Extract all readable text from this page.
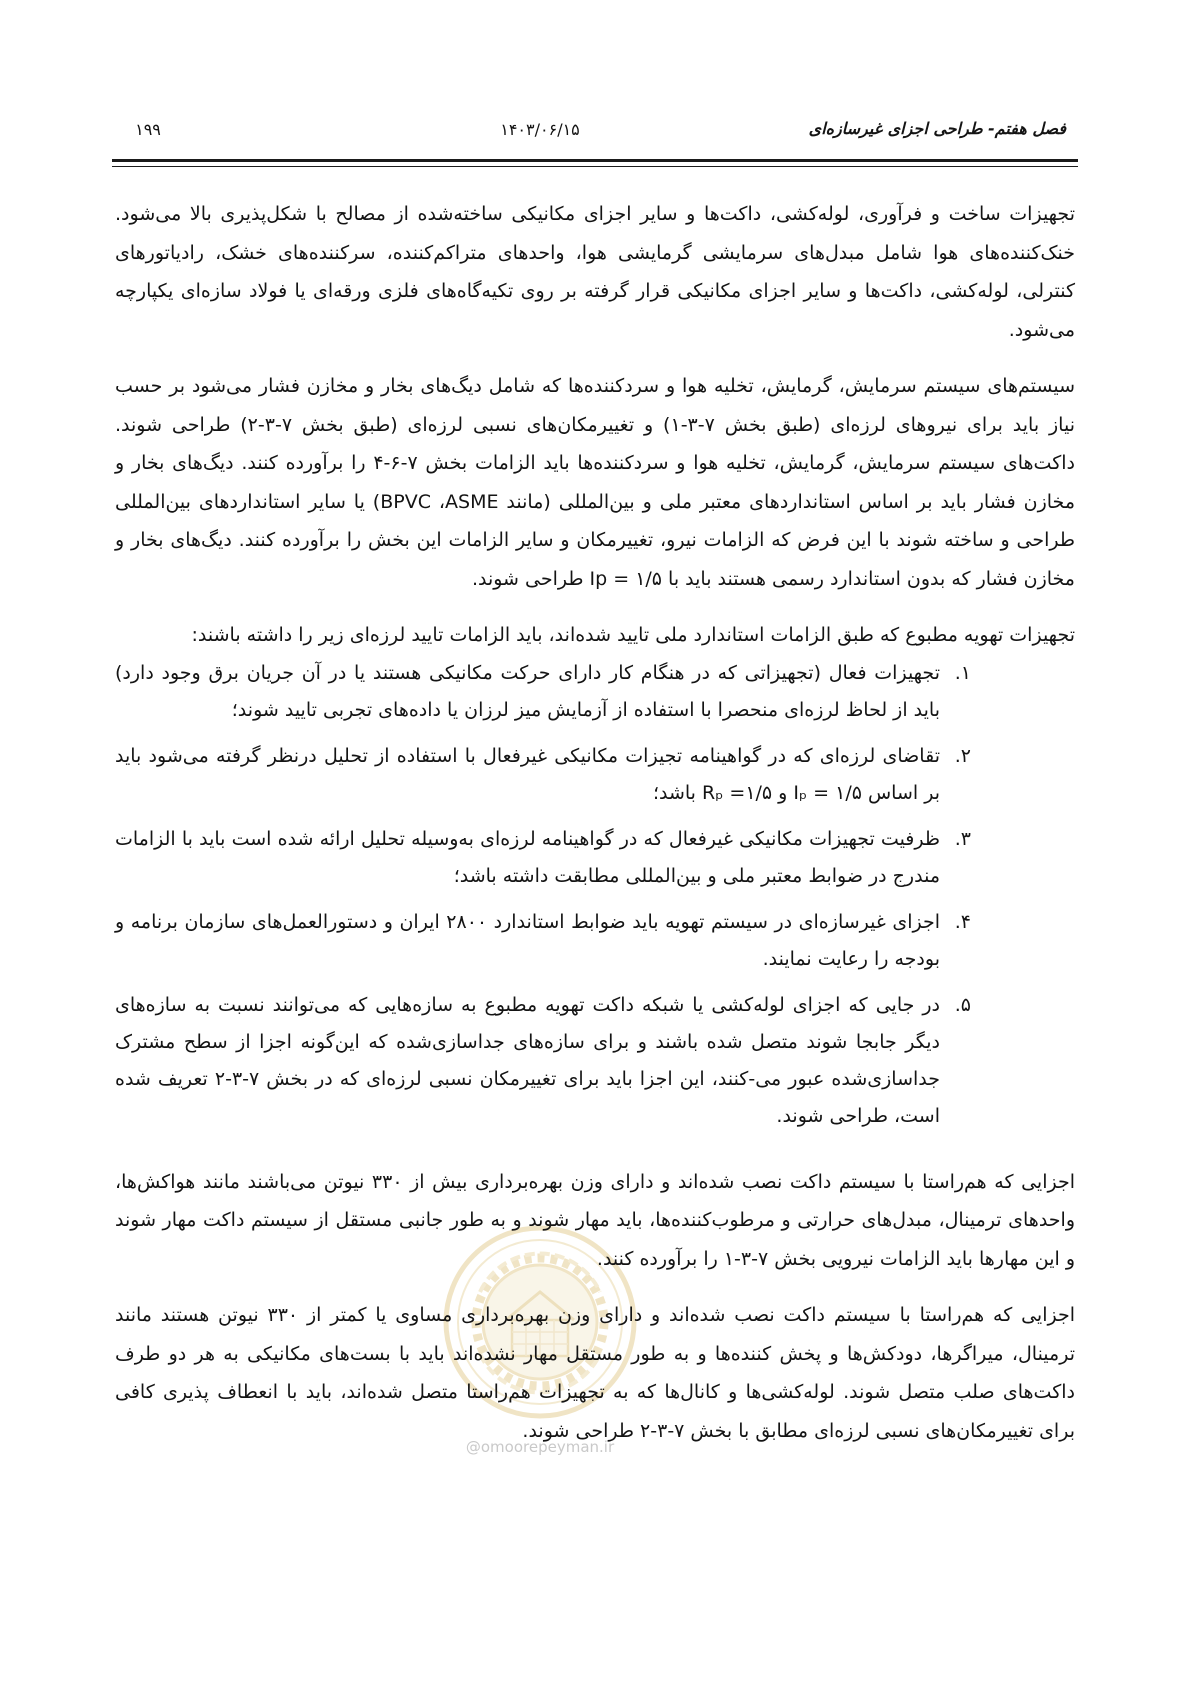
۱۹۹	۱۴۰۳/۰۶/۱۵	فصل هفتم- طراحی اجزای غیرسازه‌ای
@omoorepeyman.ir

تجهیزات ساخت و فرآوری، لوله‌کشی، داکت‌ها و سایر اجزای مکانیکی ساخته‌شده از مصالح با شکل‌پذیری بالا می‌شود. خنک‌کننده‌های هوا شامل مبدل‌های سرمایشی گرمایشی هوا، واحدهای متراکم‌کننده، سرکننده‌های خشک، رادیاتورهای کنترلی، لوله‌کشی، داکت‌ها و سایر اجزای مکانیکی قرار گرفته بر روی تکیه‌گاه‌های فلزی ورقه‌ای یا فولاد سازه‌ای یکپارچه می‌شود.

سیستم‌های سیستم سرمایش، گرمایش، تخلیه هوا و سردکننده‌ها که شامل دیگ‌های بخار و مخازن فشار می‌شود بر حسب نیاز باید برای نیروهای لرزه‌ای (طبق بخش ۷-۳-۱) و تغییرمکان‌های نسبی لرزه‌ای (طبق بخش ۷-۳-۲) طراحی شوند. داکت‌های سیستم سرمایش، گرمایش، تخلیه هوا و سردکننده‌ها باید الزامات بخش ۷-۶-۴ را برآورده کنند. دیگ‌های بخار و مخازن فشار باید بر اساس استانداردهای معتبر ملی و بین‌المللی (مانند ASME‏، BPVC) یا سایر استانداردهای بین‌المللی طراحی و ساخته شوند با این فرض که الزامات نیرو، تغییرمکان و سایر الزامات این بخش را برآورده کنند. دیگ‌های بخار و مخازن فشار که بدون استاندارد رسمی هستند باید با Ip = ۱/۵ طراحی شوند.

تجهیزات تهویه مطبوع که طبق الزامات استاندارد ملی تایید شده‌اند، باید الزامات تایید لرزه‌ای زیر را داشته باشند:

۱.
تجهیزات فعال (تجهیزاتی که در هنگام کار دارای حرکت مکانیکی هستند یا در آن جریان برق وجود دارد) باید از لحاظ لرزه‌ای منحصرا با استفاده از آزمایش میز لرزان یا داده‌های تجربی تایید شوند؛
۲.
تقاضای لرزه‌ای که در گواهینامه تجیزات مکانیکی غیرفعال با استفاده از تحلیل درنظر گرفته می‌شود باید بر اساس Iₚ = ۱/۵ و Rₚ =۱/۵ باشد؛
۳.
ظرفیت تجهیزات مکانیکی غیرفعال که در گواهینامه لرزه‌ای به‌وسیله تحلیل ارائه شده است باید با الزامات مندرج در ضوابط معتبر ملی و بین‌المللی مطابقت داشته باشد؛
۴.
اجزای غیرسازه‌ای در سیستم تهویه باید ضوابط استاندارد ۲۸۰۰ ایران و دستورالعمل‌های سازمان برنامه و بودجه را رعایت نمایند.
۵.
در جایی که اجزای لوله‌کشی یا شبکه داکت تهویه مطبوع به سازه‌هایی که می‌توانند نسبت به سازه‌های دیگر جابجا شوند متصل شده باشند و برای سازه‌های جداسازی‌شده که این‌گونه اجزا از سطح مشترک جداسازی‌شده عبور می-کنند، این اجزا باید برای تغییرمکان نسبی لرزه‌ای که در بخش ۷-۳-۲ تعریف شده است، طراحی شوند.

اجزایی که هم‌راستا با سیستم داکت نصب شده‌اند و دارای وزن بهره‌برداری بیش از ۳۳۰ نیوتن می‌باشند مانند هواکش‌ها، واحدهای ترمینال، مبدل‌های حرارتی و مرطوب‌کننده‌ها، باید مهار شوند و به طور جانبی مستقل از سیستم داکت مهار شوند و این مهارها باید الزامات نیرویی بخش ۷-۳-۱ را برآورده کنند.

اجزایی که هم‌راستا با سیستم داکت نصب شده‌اند و دارای وزن بهره‌برداری مساوی یا کمتر از ۳۳۰ نیوتن هستند مانند ترمینال، میراگرها، دودکش‌ها و پخش کننده‌ها و به طور مستقل مهار نشده‌اند باید با بست‌های مکانیکی به هر دو طرف داکت‌های صلب متصل شوند. لوله‌کشی‌ها و کانال‌ها که به تجهیزات هم‌راستا متصل شده‌اند، باید با انعطاف پذیری کافی برای تغییرمکان‌های نسبی لرزه‌ای مطابق با بخش ۷-۳-۲ طراحی شوند.
